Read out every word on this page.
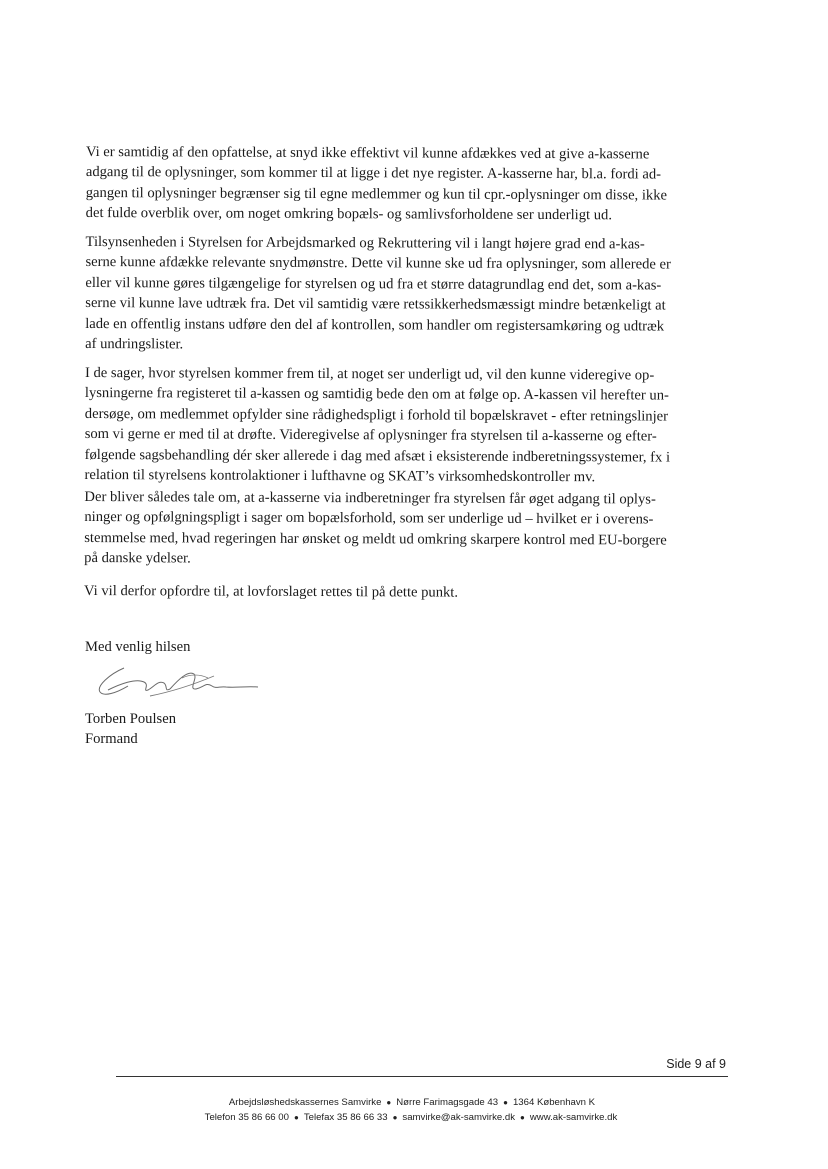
Vi er samtidig af den opfattelse, at snyd ikke effektivt vil kunne afdækkes ved at give a-kasserne
adgang til de oplysninger, som kommer til at ligge i det nye register. A-kasserne har, bl.a. fordi ad-
gangen til oplysninger begrænser sig til egne medlemmer og kun til cpr.-oplysninger om disse, ikke
det fulde overblik over, om noget omkring bopæls- og samlivsforholdene ser underligt ud.

Tilsynsenheden i Styrelsen for Arbejdsmarked og Rekruttering vil i langt højere grad end a-kas-
serne kunne afdække relevante snydmønstre. Dette vil kunne ske ud fra oplysninger, som allerede er
eller vil kunne gøres tilgængelige for styrelsen og ud fra et større datagrundlag end det, som a-kas-
serne vil kunne lave udtræk fra. Det vil samtidig være retssikkerhedsmæssigt mindre betænkeligt at
lade en offentlig instans udføre den del af kontrollen, som handler om registersamkøring og udtræk
af undringslister.

I de sager, hvor styrelsen kommer frem til, at noget ser underligt ud, vil den kunne videregive op-
lysningerne fra registeret til a-kassen og samtidig bede den om at følge op. A-kassen vil herefter un-
dersøge, om medlemmet opfylder sine rådighedspligt i forhold til bopælskravet - efter retningslinjer
som vi gerne er med til at drøfte. Videregivelse af oplysninger fra styrelsen til a-kasserne og efter-
følgende sagsbehandling dér sker allerede i dag med afsæt i eksisterende indberetningssystemer, fx i
relation til styrelsens kontrolaktioner i lufthavne og SKAT’s virksomhedskontroller mv.

Der bliver således tale om, at a-kasserne via indberetninger fra styrelsen får øget adgang til oplys-
ninger og opfølgningspligt i sager om bopælsforhold, som ser underlige ud – hvilket er i overens-
stemmelse med, hvad regeringen har ønsket og meldt ud omkring skarpere kontrol med EU-borgere
på danske ydelser.

Vi vil derfor opfordre til, at lovforslaget rettes til på dette punkt.

Med venlig hilsen
Torben Poulsen
Formand
Side 9 af 9
Arbejdsløshedskassernes Samvirke ● Nørre Farimagsgade 43 ● 1364 København K
Telefon 35 86 66 00 ● Telefax 35 86 66 33 ● samvirke@ak-samvirke.dk ● www.ak-samvirke.dk
